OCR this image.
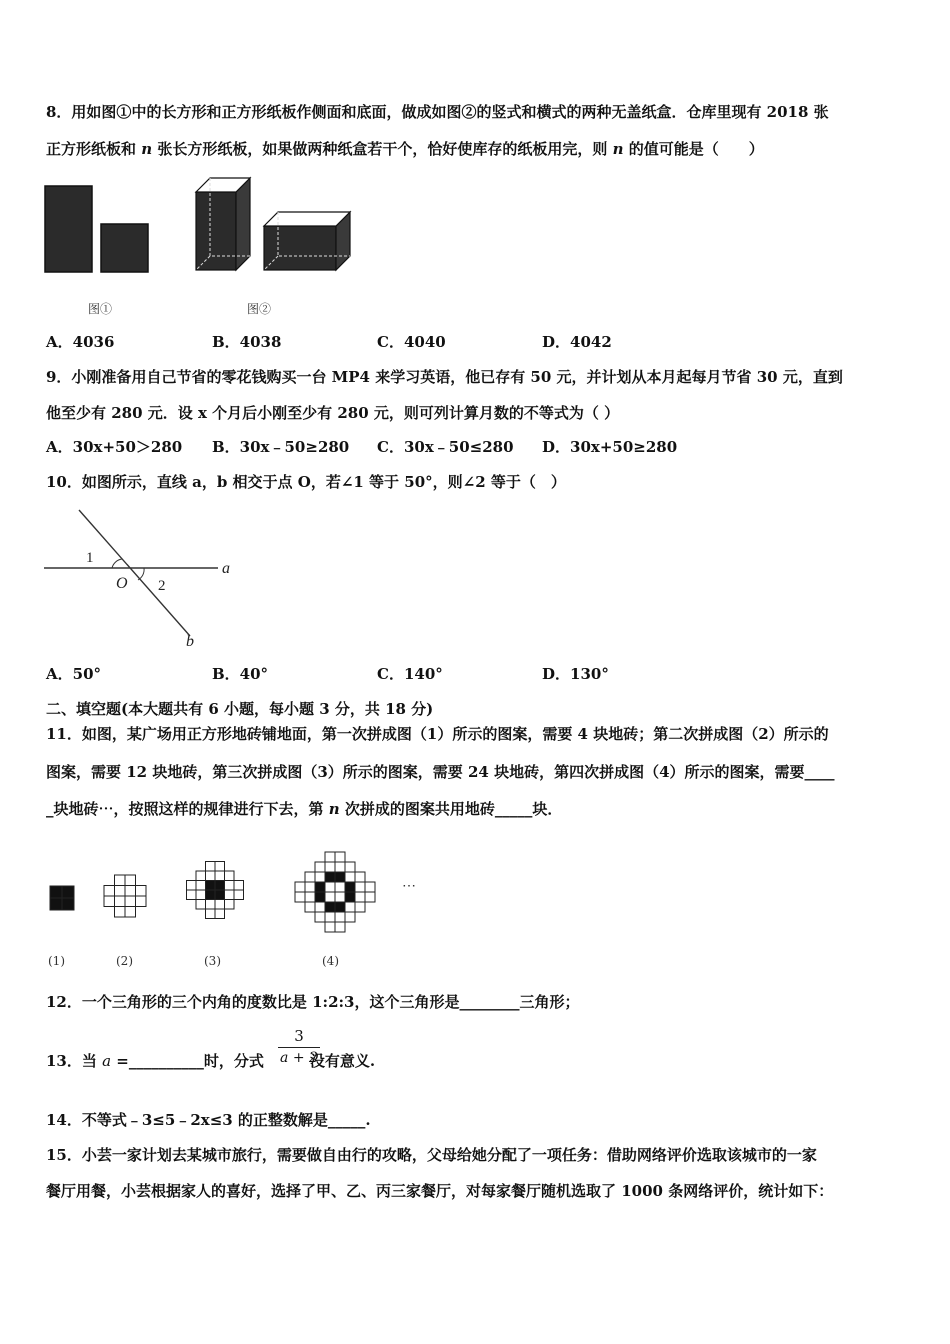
8．用如图①中的长方形和正方形纸板作侧面和底面，做成如图②的竖式和横式的两种无盖纸盒．仓库里现有 2018 张
正方形纸板和 n 张长方形纸板，如果做两种纸盒若干个，恰好使库存的纸板用完，则 n 的值可能是（　　）
图①	图②
A．4036	B．4038	C．4040	D．4042
9．小刚准备用自己节省的零花钱购买一台 MP4 来学习英语，他已存有 50 元，并计划从本月起每月节省 30 元，直到
他至少有 280 元．设 x 个月后小刚至少有 280 元，则可列计算月数的不等式为（ ）
A．30x+50＞280 B．30x﹣50≥280 C．30x﹣50≤280 D．30x+50≥280
10．如图所示，直线 a，b 相交于点 O，若∠1 等于 50°，则∠2 等于（　）
1
O 2
a
b
A．50°	B．40°	C．140°	D．130°
二、填空题(本大题共有 6 小题，每小题 3 分，共 18 分)
11．如图，某广场用正方形地砖铺地面，第一次拼成图（1）所示的图案，需要 4 块地砖；第二次拼成图（2）所示的
图案，需要 12 块地砖，第三次拼成图（3）所示的图案，需要 24 块地砖，第四次拼成图（4）所示的图案，需要____
_块地砖⋯，按照这样的规律进行下去，第 n 次拼成的图案共用地砖_____块．
⋯
(1)	(2)	(3)	(4)
12．一个三角形的三个内角的度数比是 1:2:3，这个三角形是________三角形；
13．当 a =__________时，分式	没有意义.
3
a + 2
14．不等式﹣3≤5﹣2x≤3 的正整数解是_____.
15．小芸一家计划去某城市旅行，需要做自由行的攻略，父母给她分配了一项任务：借助网络评价选取该城市的一家
餐厅用餐，小芸根据家人的喜好，选择了甲、乙、丙三家餐厅，对每家餐厅随机选取了 1000 条网络评价，统计如下：
